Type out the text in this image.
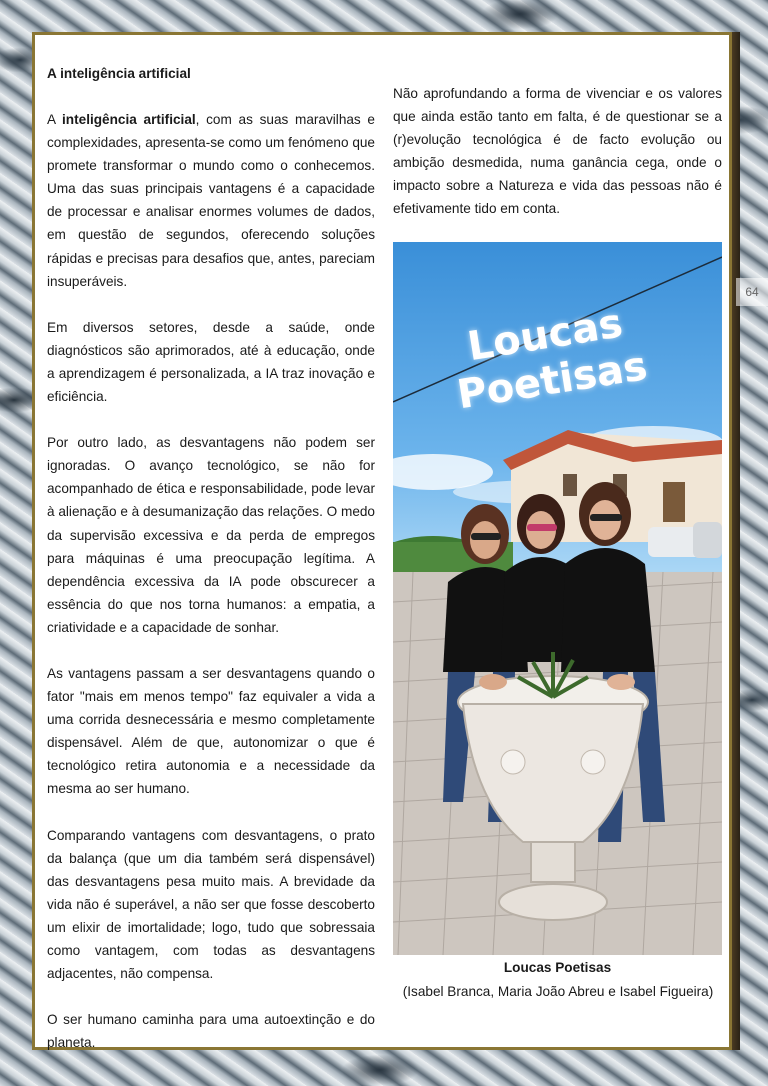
64
A inteligência artificial

A inteligência artificial, com as suas maravilhas e complexidades, apresenta-se como um fenómeno que promete transformar o mundo como o conhecemos. Uma das suas principais vantagens é a capacidade de processar e analisar enormes volumes de dados, em questão de segundos, oferecendo soluções rápidas e precisas para desafios que, antes, pareciam insuperáveis.

Em diversos setores, desde a saúde, onde diagnósticos são aprimorados, até à educação, onde a aprendizagem é personalizada, a IA traz inovação e eficiência.

Por outro lado, as desvantagens não podem ser ignoradas. O avanço tecnológico, se não for acompanhado de ética e responsabilidade, pode levar à alienação e à desumanização das relações. O medo da supervisão excessiva e da perda de empregos para máquinas é uma preocupação legítima. A dependência excessiva da IA pode obscurecer a essência do que nos torna humanos: a empatia, a criatividade e a capacidade de sonhar.

As vantagens passam a ser desvantagens quando o fator "mais em menos tempo" faz equivaler a vida a uma corrida desnecessária e mesmo completamente dispensável. Além de que, autonomizar o que é tecnológico retira autonomia e a necessidade da mesma ao ser humano.

Comparando vantagens com desvantagens, o prato da balança (que um dia também será dispensável) das desvantagens pesa muito mais. A brevidade da vida não é superável, a não ser que fosse descoberto um elixir de imortalidade; logo, tudo que sobressaia como vantagem, com todas as desvantagens adjacentes, não compensa.

O ser humano caminha para uma autoextinção e do planeta.

Não aprofundando a forma de vivenciar e os valores que ainda estão tanto em falta, é de questionar se a (r)evolução tecnológica é de facto evolução ou ambição desmedida, numa ganância cega, onde o impacto sobre a Natureza e vida das pessoas não é efetivamente tido em conta.

Loucas
Poetisas
Loucas Poetisas
(Isabel Branca, Maria João Abreu e Isabel Figueira)
